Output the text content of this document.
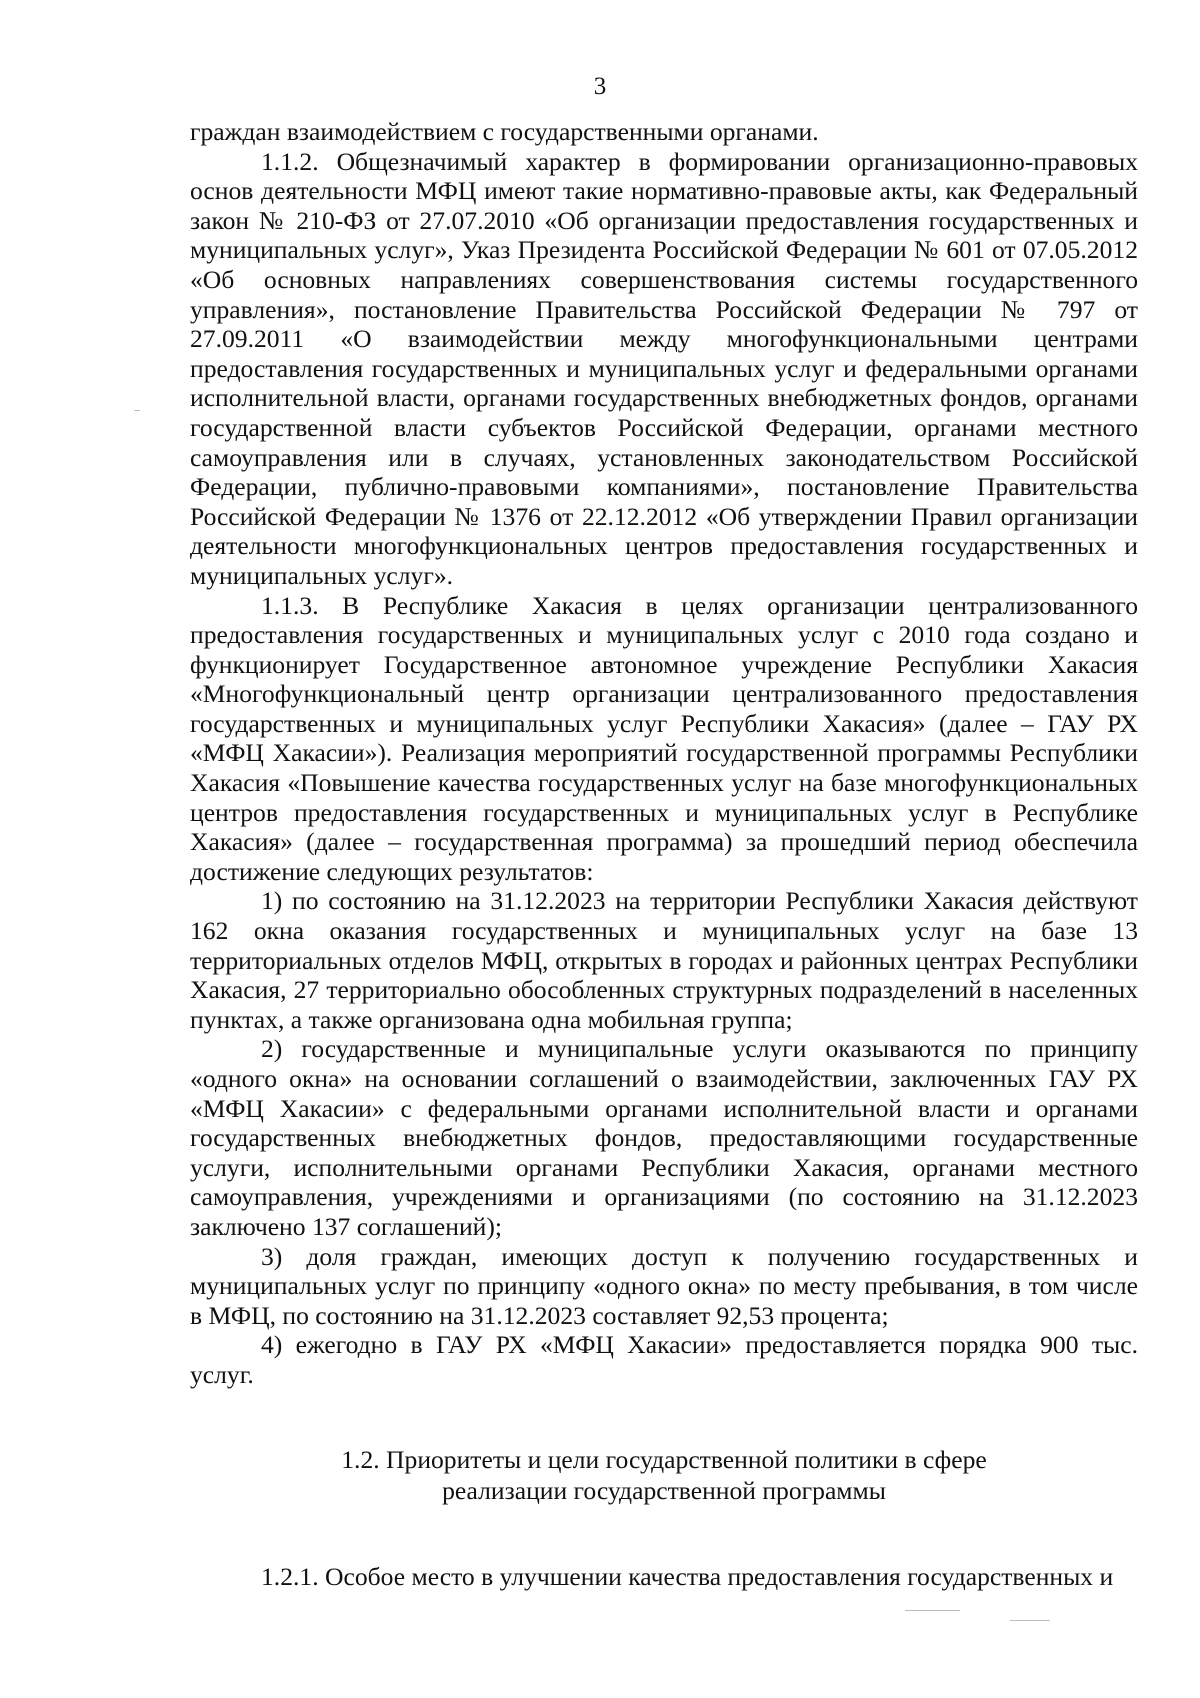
3

граждан взаимодействием с государственными органами.

1.1.2. Общезначимый характер в формировании организационно-правовых основ деятельности МФЦ имеют такие нормативно-правовые акты, как Федеральный закон № 210-ФЗ от 27.07.2010 «Об организации предоставления государственных и муниципальных услуг», Указ Президента Российской Федерации № 601 от 07.05.2012 «Об основных направлениях совершенствования системы государственного управления», постановление Правительства Российской Федерации № 797 от 27.09.2011 «О взаимодействии между многофункциональными центрами предоставления государственных и муниципальных услуг и федеральными органами исполнительной власти, органами государственных внебюджетных фондов, органами государственной власти субъектов Российской Федерации, органами местного самоуправления или в случаях, установленных законодательством Российской Федерации, публично-правовыми компаниями», постановление Правительства Российской Федерации № 1376 от 22.12.2012 «Об утверждении Правил организации деятельности многофункциональных центров предоставления государственных и муниципальных услуг».

1.1.3. В Республике Хакасия в целях организации централизованного предоставления государственных и муниципальных услуг с 2010 года создано и функционирует Государственное автономное учреждение Республики Хакасия «Многофункциональный центр организации централизованного предоставления государственных и муниципальных услуг Республики Хакасия» (далее – ГАУ РХ «МФЦ Хакасии»). Реализация мероприятий государственной программы Республики Хакасия «Повышение качества государственных услуг на базе многофункциональных центров предоставления государственных и муниципальных услуг в Республике Хакасия» (далее – государственная программа) за прошедший период обеспечила достижение следующих результатов:

1) по состоянию на 31.12.2023 на территории Республики Хакасия действуют 162 окна оказания государственных и муниципальных услуг на базе 13 территориальных отделов МФЦ, открытых в городах и районных центрах Республики Хакасия, 27 территориально обособленных структурных подразделений в населенных пунктах, а также организована одна мобильная группа;

2) государственные и муниципальные услуги оказываются по принципу «одного окна» на основании соглашений о взаимодействии, заключенных ГАУ РХ «МФЦ Хакасии» с федеральными органами исполнительной власти и органами государственных внебюджетных фондов, предоставляющими государственные услуги, исполнительными органами Республики Хакасия, органами местного самоуправления, учреждениями и организациями (по состоянию на 31.12.2023 заключено 137 соглашений);

3) доля граждан, имеющих доступ к получению государственных и муниципальных услуг по принципу «одного окна» по месту пребывания, в том числе в МФЦ, по состоянию на 31.12.2023 составляет 92,53 процента;

4) ежегодно в ГАУ РХ «МФЦ Хакасии» предоставляется порядка 900 тыс. услуг.

1.2. Приоритеты и цели государственной политики в сфере
реализации государственной программы

1.2.1. Особое место в улучшении качества предоставления государственных и
